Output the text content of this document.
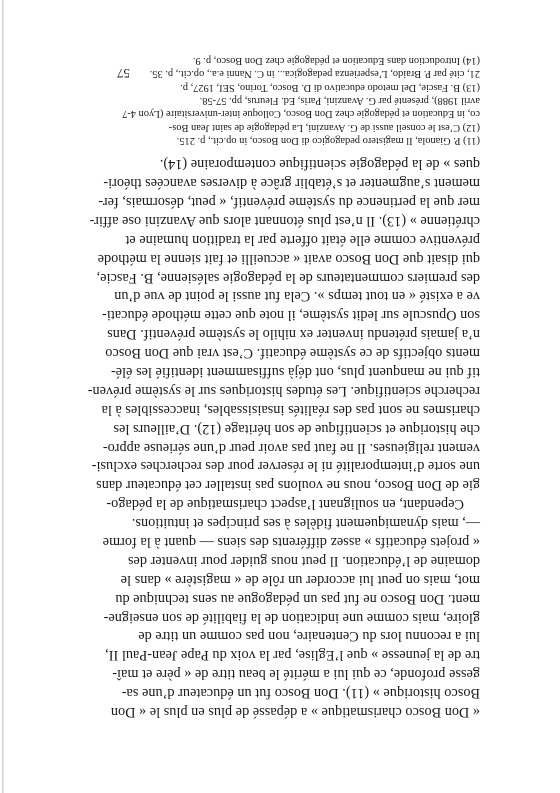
« Don Bosco charismatique » a dépassé de plus en plus le « Don
Bosco historique » (11). Don Bosco fut un éducateur d’une sa-
gesse profonde, ce qui lui a mérité le beau titre de « père et maî-
tre de la jeunesse » que l’Eglise, par la voix du Pape Jean-Paul II,
lui a reconnu lors du Centenaire, non pas comme un titre de
gloire, mais comme une indication de la fiabilité de son enseigne-
ment. Don Bosco ne fut pas un pédagogue au sens technique du
mot, mais on peut lui accorder un rôle de « magistère » dans le
domaine de l’éducation. Il peut nous guider pour inventer des
« projets éducatifs » assez différents des siens — quant à la forme
—, mais dynamiquement fidèles à ses principes et intuitions.
Cependant, en soulignant l’aspect charismatique de la pédago-
gie de Don Bosco, nous ne voulons pas installer cet éducateur dans
une sorte d’intemporalité ni le réserver pour des recherches exclusi-
vement religieuses. Il ne faut pas avoir peur d’une sérieuse appro-
che historique et scientifique de son héritage (12). D’ailleurs les
charismes ne sont pas des réalités insaisissables, inaccessibles à la
recherche scientifique. Les études historiques sur le système préven-
tif qui ne manquent plus, ont déjà suffisamment identifié les élé-
ments objectifs de ce système éducatif. C’est vrai que Don Bosco
n’a jamais prétendu inventer ex nihilo le système préventif. Dans
son Opuscule sur ledit système, il note que cette méthode éducati-
ve a existé « en tout temps ». Cela fut aussi le point de vue d’un
des premiers commentateurs de la pédagogie salésienne, B. Fascie,
qui disait que Don Bosco avait « accueilli et fait sienne la méthode
préventive comme elle était offerte par la tradition humaine et
chrétienne » (13). Il n’est plus étonnant alors que Avanzini ose affir-
mer que la pertinence du système préventif, « peut, désormais, fer-
mement s’augmenter et s’établir grâce à diverses avancées théori-
ques » de la pédagogie scientifique contemporaine (14).
(11) P. Gianola, Il magistero pedagogico di Don Bosco, in op.cit., p. 215.
(12) C’est le conseil aussi de G. Avanzini, La pédagogie de saint Jean Bos-
co, in Education et pédagogie chez Don Bosco, Colloque inter-universitaire (Lyon 4-7
avril 1988), présenté par G. Avanzini, Paris, Ed. Fleurus, pp. 57-58.
(13) B. Fascie, Del metodo educativo di D. Bosco, Torino, SEI, 1927, p.
21, cité par P. Braido, L’esperienza pedagogica... in C. Nanni e.a., op.cit., p. 35.
(14) Introduction dans Education et pédagogie chez Don Bosco, p. 9.
57
